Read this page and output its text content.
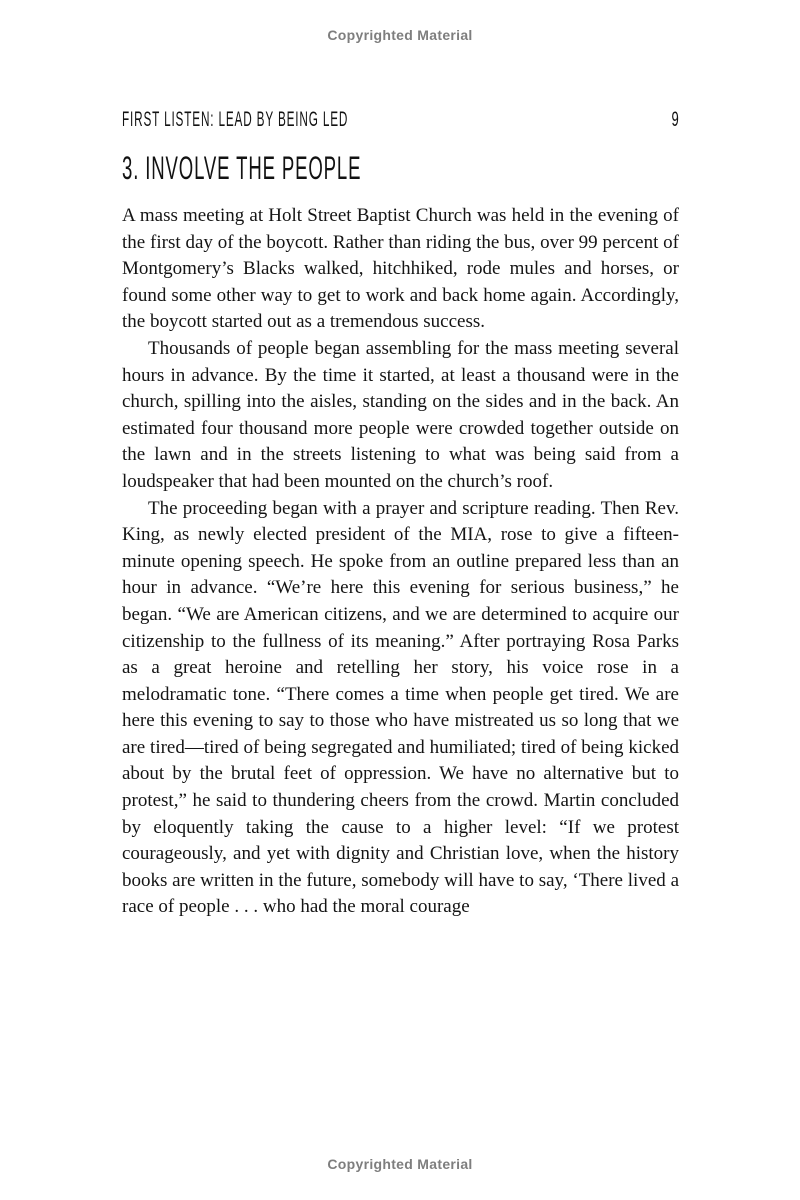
Copyrighted Material
FIRST LISTEN: LEAD BY BEING LED	9
3. INVOLVE THE PEOPLE

A mass meeting at Holt Street Baptist Church was held in the evening of the first day of the boycott. Rather than riding the bus, over 99 percent of Montgomery’s Blacks walked, hitchhiked, rode mules and horses, or found some other way to get to work and back home again. Accordingly, the boycott started out as a tremendous success.

Thousands of people began assembling for the mass meeting several hours in advance. By the time it started, at least a thousand were in the church, spilling into the aisles, standing on the sides and in the back. An estimated four thousand more people were crowded together outside on the lawn and in the streets listening to what was being said from a loudspeaker that had been mounted on the church’s roof.

The proceeding began with a prayer and scripture reading. Then Rev. King, as newly elected president of the MIA, rose to give a fifteen-minute opening speech. He spoke from an outline prepared less than an hour in advance. “We’re here this evening for serious business,” he began. “We are American citizens, and we are determined to acquire our citizenship to the fullness of its meaning.” After portraying Rosa Parks as a great heroine and retelling her story, his voice rose in a melodramatic tone. “There comes a time when people get tired. We are here this evening to say to those who have mistreated us so long that we are tired—tired of being segregated and humiliated; tired of being kicked about by the brutal feet of oppression. We have no alternative but to protest,” he said to thundering cheers from the crowd. Martin concluded by eloquently taking the cause to a higher level: “If we protest courageously, and yet with dignity and Christian love, when the history books are written in the future, somebody will have to say, ‘There lived a race of people . . . who had the moral courage

Copyrighted Material
